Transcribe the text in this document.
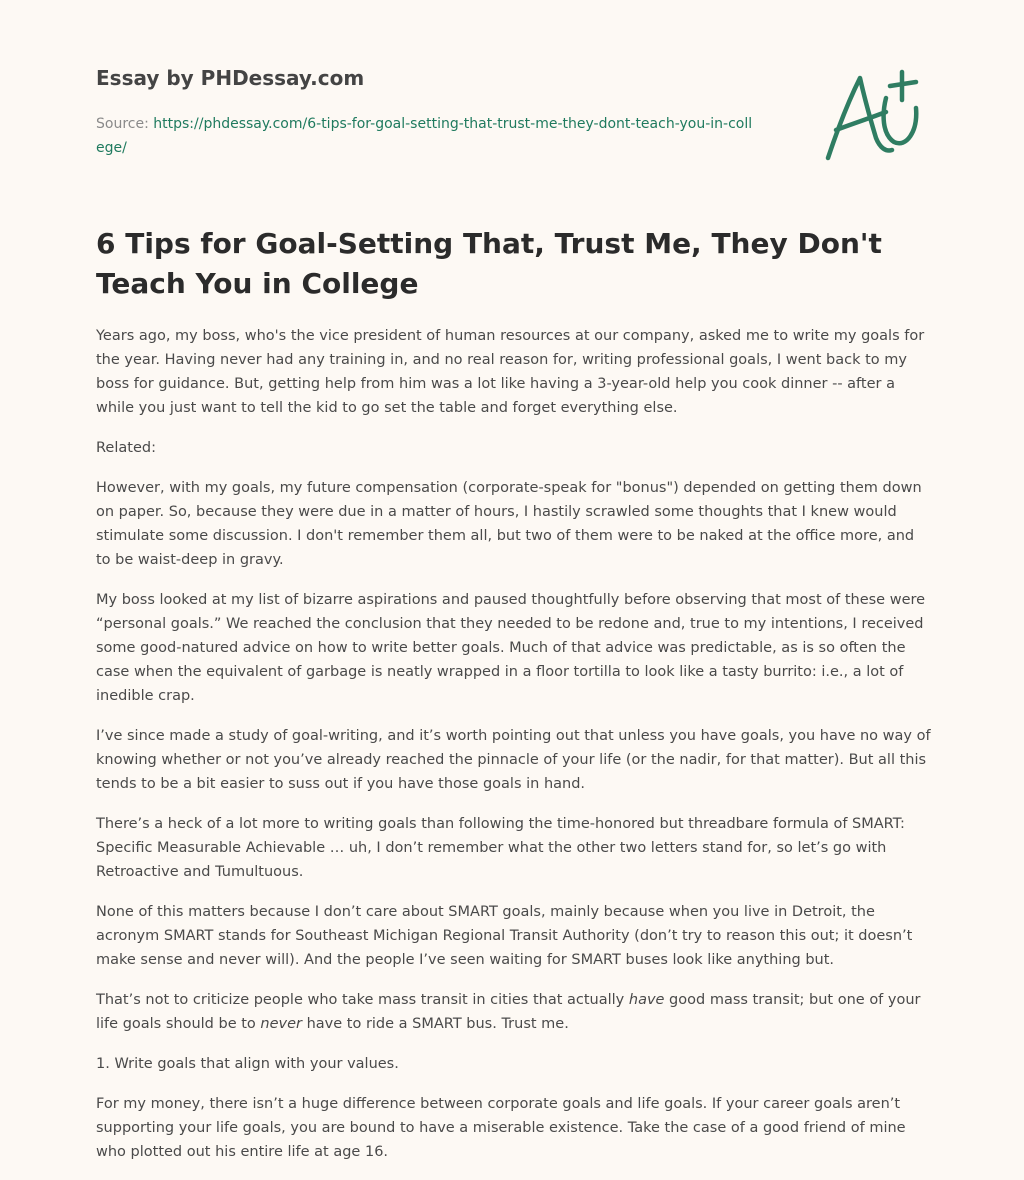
Essay by PHDessay.com
Source: https://phdessay.com/6-tips-for-goal-setting-that-trust-me-they-dont-teach-you-in-college/
6 Tips for Goal-Setting That, Trust Me, They Don't Teach You in College

Years ago, my boss, who's the vice president of human resources at our company, asked me to write my goals for the year. Having never had any training in, and no real reason for, writing professional goals, I went back to my boss for guidance. But, getting help from him was a lot like having a 3-year-old help you cook dinner -- after a while you just want to tell the kid to go set the table and forget everything else.

Related:

However, with my goals, my future compensation (corporate-speak for "bonus") depended on getting them down on paper. So, because they were due in a matter of hours, I hastily scrawled some thoughts that I knew would stimulate some discussion. I don't remember them all, but two of them were to be naked at the office more, and to be waist-deep in gravy.

My boss looked at my list of bizarre aspirations and paused thoughtfully before observing that most of these were “personal goals.” We reached the conclusion that they needed to be redone and, true to my intentions, I received some good-natured advice on how to write better goals. Much of that advice was predictable, as is so often the case when the equivalent of garbage is neatly wrapped in a floor tortilla to look like a tasty burrito: i.e., a lot of inedible crap.

I’ve since made a study of goal-writing, and it’s worth pointing out that unless you have goals, you have no way of knowing whether or not you’ve already reached the pinnacle of your life (or the nadir, for that matter). But all this tends to be a bit easier to suss out if you have those goals in hand.

There’s a heck of a lot more to writing goals than following the time-honored but threadbare formula of SMART: Specific Measurable Achievable … uh, I don’t remember what the other two letters stand for, so let’s go with Retroactive and Tumultuous.

None of this matters because I don’t care about SMART goals, mainly because when you live in Detroit, the acronym SMART stands for Southeast Michigan Regional Transit Authority (don’t try to reason this out; it doesn’t make sense and never will). And the people I’ve seen waiting for SMART buses look like anything but.

That’s not to criticize people who take mass transit in cities that actually have good mass transit; but one of your life goals should be to never have to ride a SMART bus. Trust me.

1. Write goals that align with your values.

For my money, there isn’t a huge difference between corporate goals and life goals. If your career goals aren’t supporting your life goals, you are bound to have a miserable existence. Take the case of a good friend of mine who plotted out his entire life at age 16.
